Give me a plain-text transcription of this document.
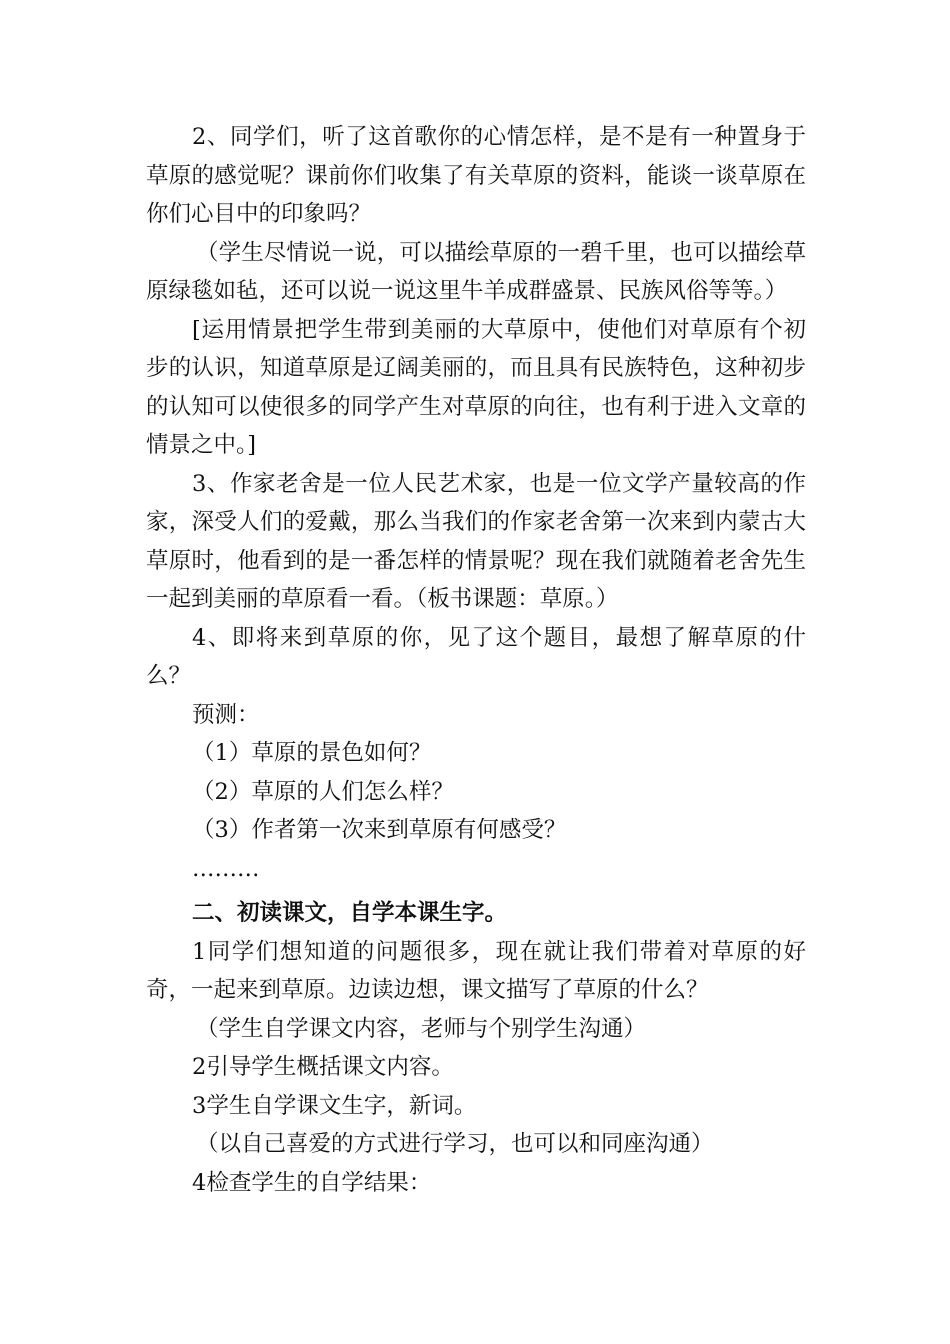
2、同学们，听了这首歌你的心情怎样，是不是有一种置身于草原的感觉呢？课前你们收集了有关草原的资料，能谈一谈草原在你们心目中的印象吗？

（学生尽情说一说，可以描绘草原的一碧千里，也可以描绘草原绿毯如毡，还可以说一说这里牛羊成群盛景、民族风俗等等。）

[运用情景把学生带到美丽的大草原中，使他们对草原有个初步的认识，知道草原是辽阔美丽的，而且具有民族特色，这种初步的认知可以使很多的同学产生对草原的向往，也有利于进入文章的情景之中。]

3、作家老舍是一位人民艺术家，也是一位文学产量较高的作家，深受人们的爱戴，那么当我们的作家老舍第一次来到内蒙古大草原时，他看到的是一番怎样的情景呢？现在我们就随着老舍先生一起到美丽的草原看一看。（板书课题：草原。）

4、即将来到草原的你，见了这个题目，最想了解草原的什么？

预测：

（1）草原的景色如何？

（2）草原的人们怎么样？

（3）作者第一次来到草原有何感受？

………

二、初读课文，自学本课生字。

1同学们想知道的问题很多，现在就让我们带着对草原的好奇，一起来到草原。边读边想，课文描写了草原的什么？

（学生自学课文内容，老师与个别学生沟通）

2引导学生概括课文内容。

3学生自学课文生字，新词。

（以自己喜爱的方式进行学习，也可以和同座沟通）

4检查学生的自学结果：
